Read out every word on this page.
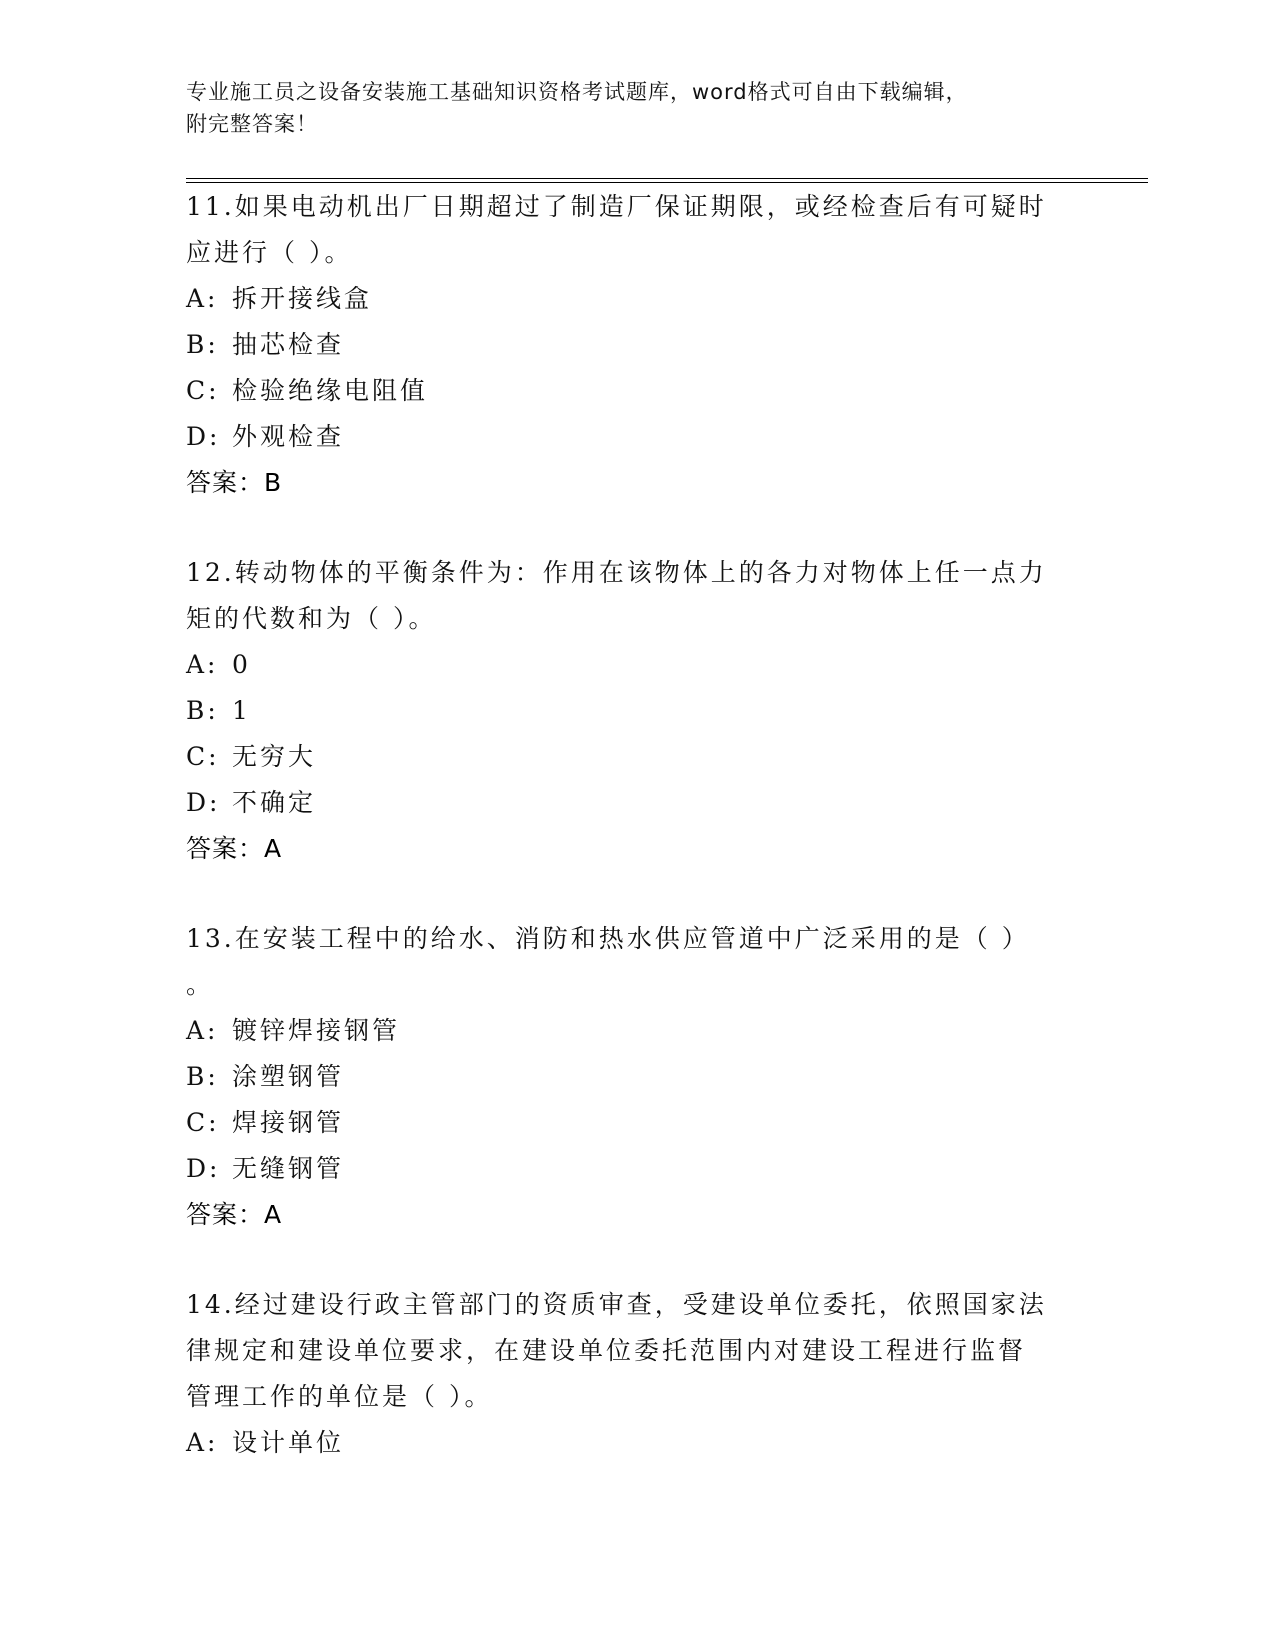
专业施工员之设备安装施工基础知识资格考试题库，word格式可自由下载编辑，
附完整答案！
11.如果电动机出厂日期超过了制造厂保证期限，或经检查后有可疑时
应进行（ ）。
A: 拆开接线盒
B: 抽芯检查
C: 检验绝缘电阻值
D: 外观检查
答案：B
12.转动物体的平衡条件为：作用在该物体上的各力对物体上任一点力
矩的代数和为（ ）。
A: 0
B: 1
C: 无穷大
D: 不确定
答案：A
13.在安装工程中的给水、消防和热水供应管道中广泛采用的是（ ）
。
A: 镀锌焊接钢管
B: 涂塑钢管
C: 焊接钢管
D: 无缝钢管
答案：A
14.经过建设行政主管部门的资质审查，受建设单位委托，依照国家法
律规定和建设单位要求，在建设单位委托范围内对建设工程进行监督
管理工作的单位是（ ）。
A: 设计单位
